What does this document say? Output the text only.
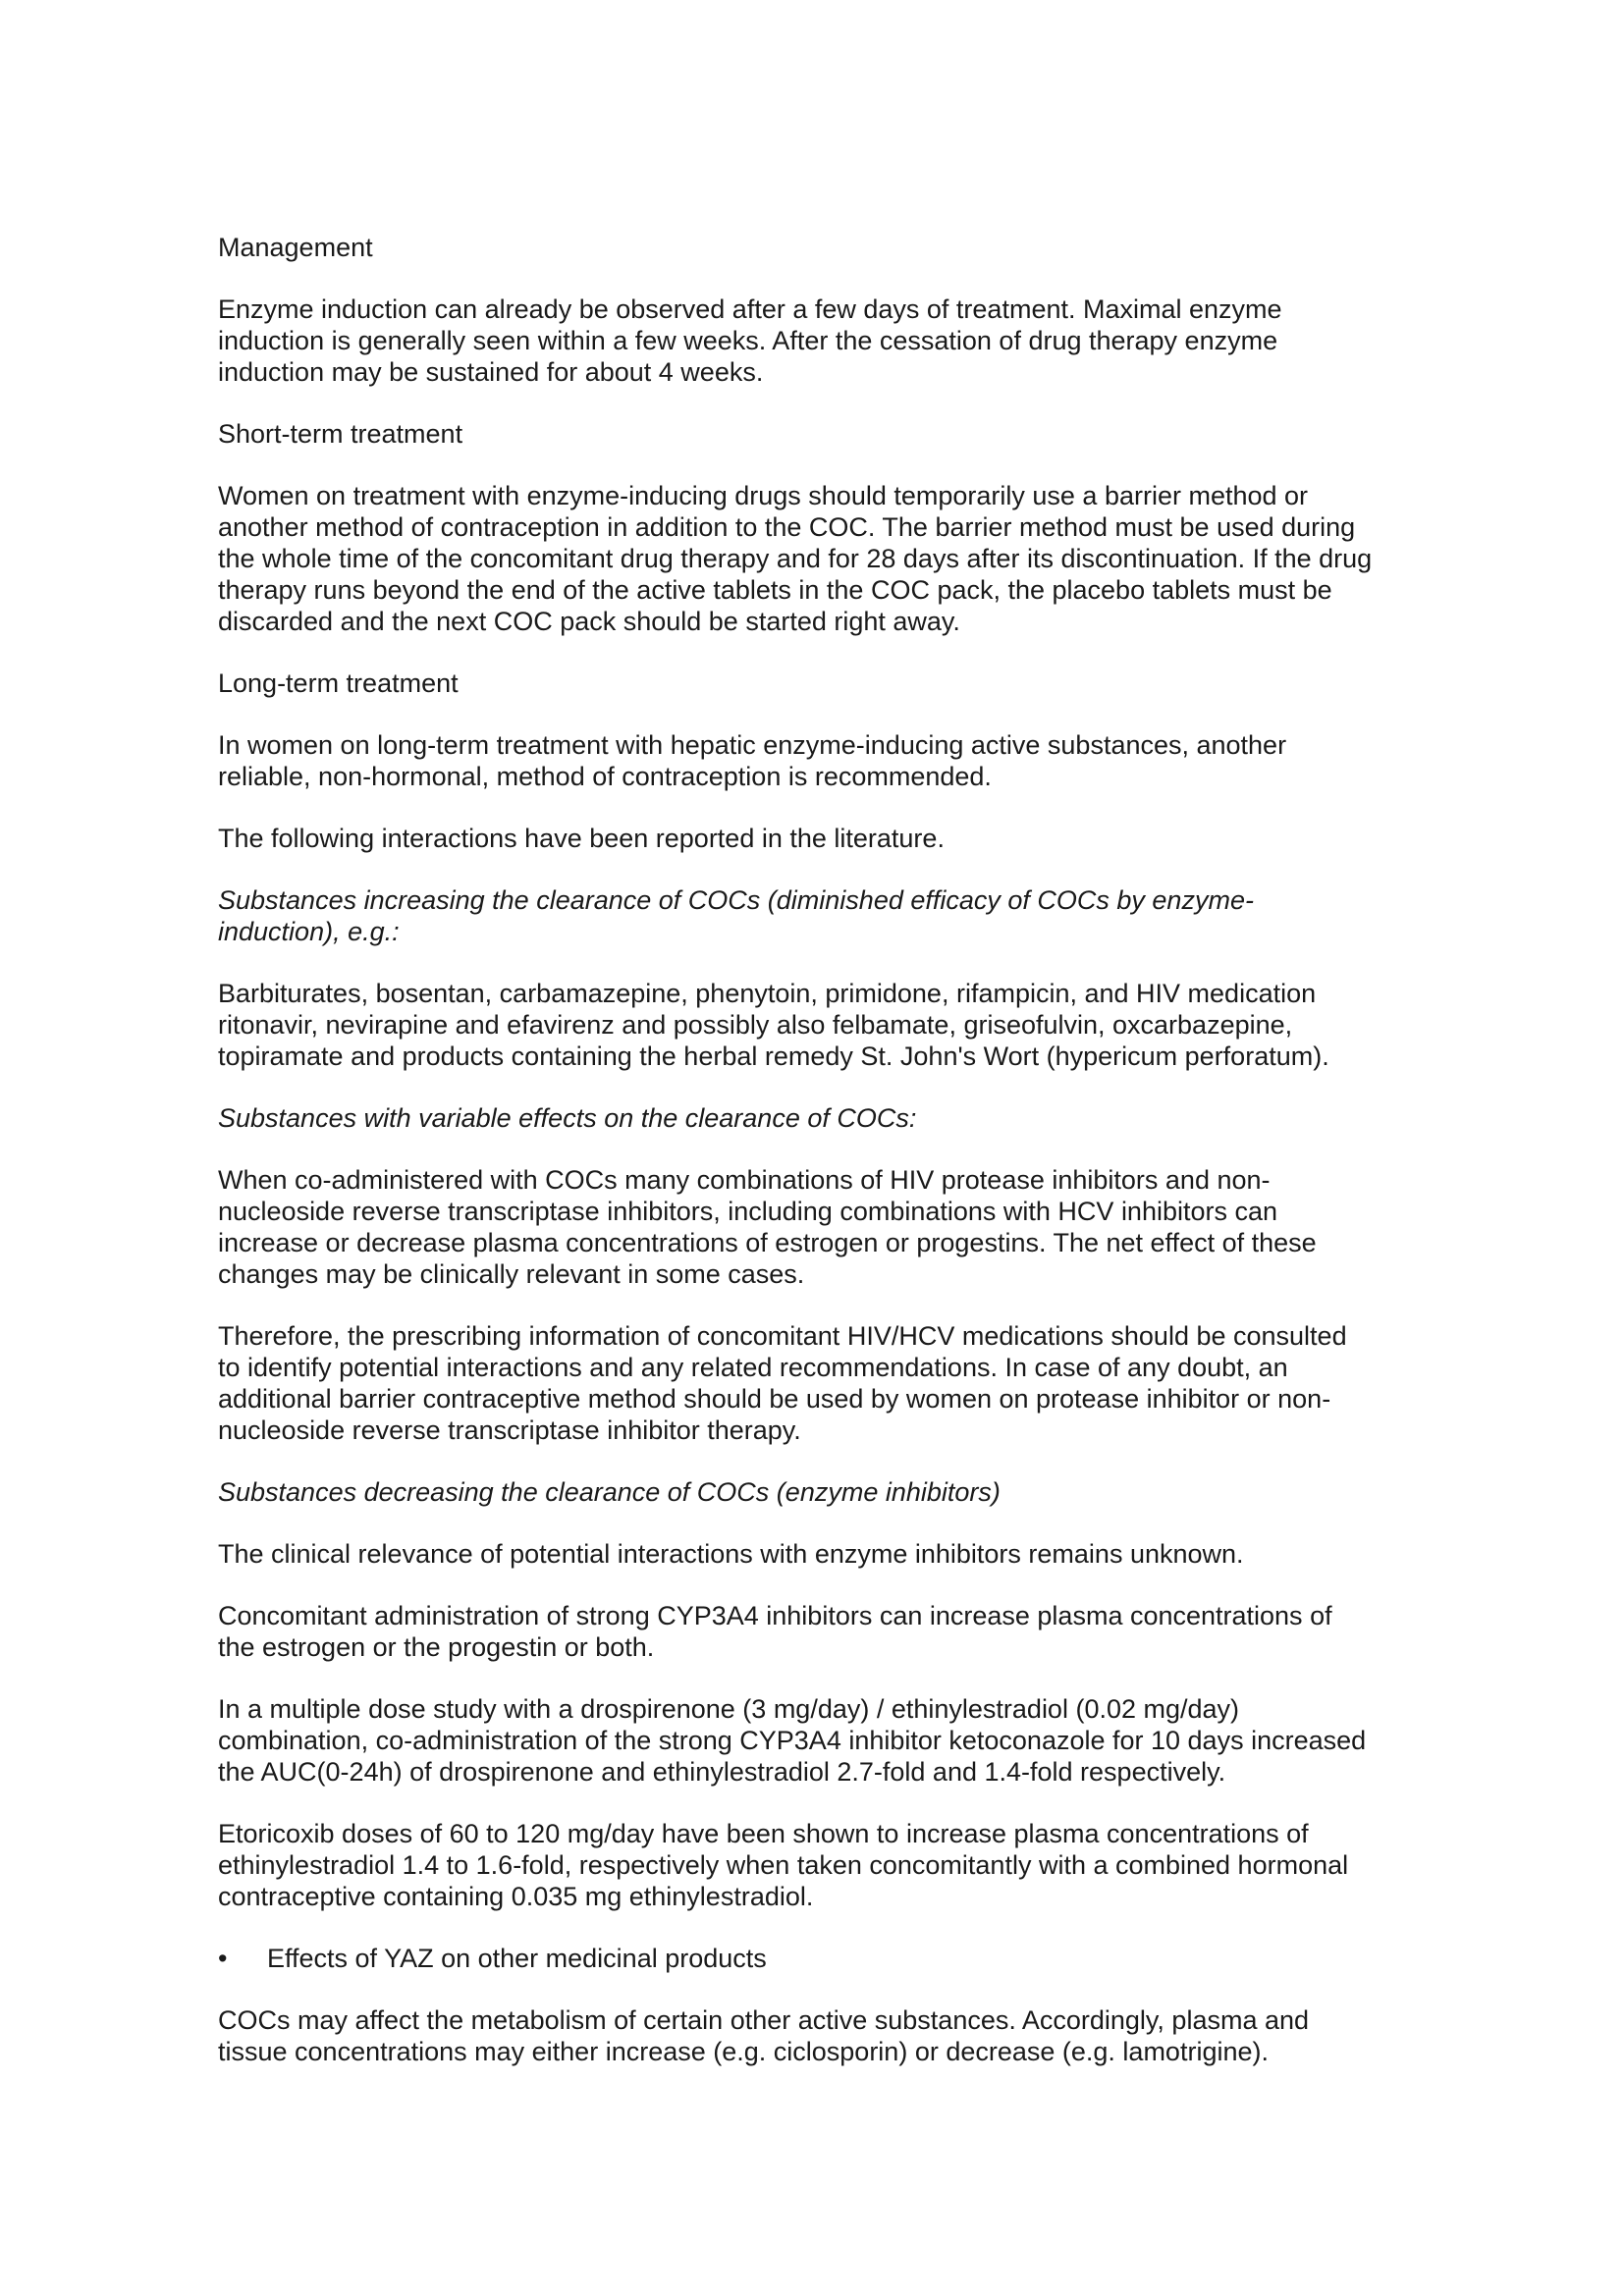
Management

Enzyme induction can already be observed after a few days of treatment. Maximal enzyme
induction is generally seen within a few weeks. After the cessation of drug therapy enzyme
induction may be sustained for about 4 weeks.

Short-term treatment

Women on treatment with enzyme-inducing drugs should temporarily use a barrier method or
another method of contraception in addition to the COC. The barrier method must be used during
the whole time of the concomitant drug therapy and for 28 days after its discontinuation. If the drug
therapy runs beyond the end of the active tablets in the COC pack, the placebo tablets must be
discarded and the next COC pack should be started right away.

Long-term treatment

In women on long-term treatment with hepatic enzyme-inducing active substances, another
reliable, non-hormonal, method of contraception is recommended.

The following interactions have been reported in the literature.

Substances increasing the clearance of COCs (diminished efficacy of COCs by enzyme-
induction), e.g.:

Barbiturates, bosentan, carbamazepine, phenytoin, primidone, rifampicin, and HIV medication
ritonavir, nevirapine and efavirenz and possibly also felbamate, griseofulvin, oxcarbazepine,
topiramate and products containing the herbal remedy St. John's Wort (hypericum perforatum).

Substances with variable effects on the clearance of COCs:

When co-administered with COCs many combinations of HIV protease inhibitors and non-
nucleoside reverse transcriptase inhibitors, including combinations with HCV inhibitors can
increase or decrease plasma concentrations of estrogen or progestins. The net effect of these
changes may be clinically relevant in some cases.

Therefore, the prescribing information of concomitant HIV/HCV medications should be consulted
to identify potential interactions and any related recommendations. In case of any doubt, an
additional barrier contraceptive method should be used by women on protease inhibitor or non-
nucleoside reverse transcriptase inhibitor therapy.

Substances decreasing the clearance of COCs (enzyme inhibitors)

The clinical relevance of potential interactions with enzyme inhibitors remains unknown.

Concomitant administration of strong CYP3A4 inhibitors can increase plasma concentrations of
the estrogen or the progestin or both.

In a multiple dose study with a drospirenone (3 mg/day) / ethinylestradiol (0.02 mg/day)
combination, co-administration of the strong CYP3A4 inhibitor ketoconazole for 10 days increased
the AUC(0-24h) of drospirenone and ethinylestradiol 2.7-fold and 1.4-fold respectively.

Etoricoxib doses of 60 to 120 mg/day have been shown to increase plasma concentrations of
ethinylestradiol 1.4 to 1.6-fold, respectively when taken concomitantly with a combined hormonal
contraceptive containing 0.035 mg ethinylestradiol.

•	Effects of YAZ on other medicinal products

COCs may affect the metabolism of certain other active substances. Accordingly, plasma and
tissue concentrations may either increase (e.g. ciclosporin) or decrease (e.g. lamotrigine).
